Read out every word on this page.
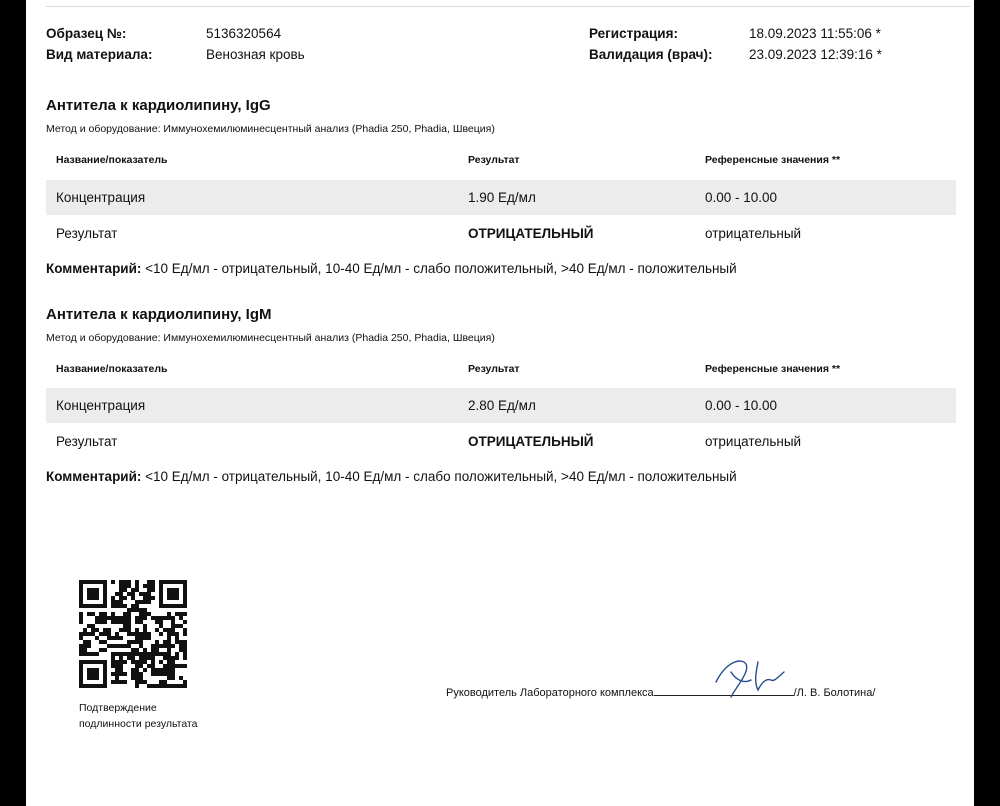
Образец №:	5136320564
Вид материала:	Венозная кровь
Регистрация:	18.09.2023 11:55:06 *
Валидация (врач):	23.09.2023 12:39:16 *
Антитела к кардиолипину, IgG
Метод и оборудование: Иммунохемилюминесцентный анализ (Phadia 250, Phadia, Швеция)
Название/показатель	Результат	Референсные значения **
Концентрация	1.90 Ед/мл	0.00 - 10.00
Результат	ОТРИЦАТЕЛЬНЫЙ	отрицательный
Комментарий: <10 Ед/мл - отрицательный, 10-40 Ед/мл - слабо положительный, >40 Ед/мл - положительный
Антитела к кардиолипину, IgM
Метод и оборудование: Иммунохемилюминесцентный анализ (Phadia 250, Phadia, Швеция)
Название/показатель	Результат	Референсные значения **
Концентрация	2.80 Ед/мл	0.00 - 10.00
Результат	ОТРИЦАТЕЛЬНЫЙ	отрицательный
Комментарий: <10 Ед/мл - отрицательный, 10-40 Ед/мл - слабо положительный, >40 Ед/мл - положительный
Подтверждение
подлинности результата
Руководитель Лабораторного комплекса	/Л. В. Болотина/
